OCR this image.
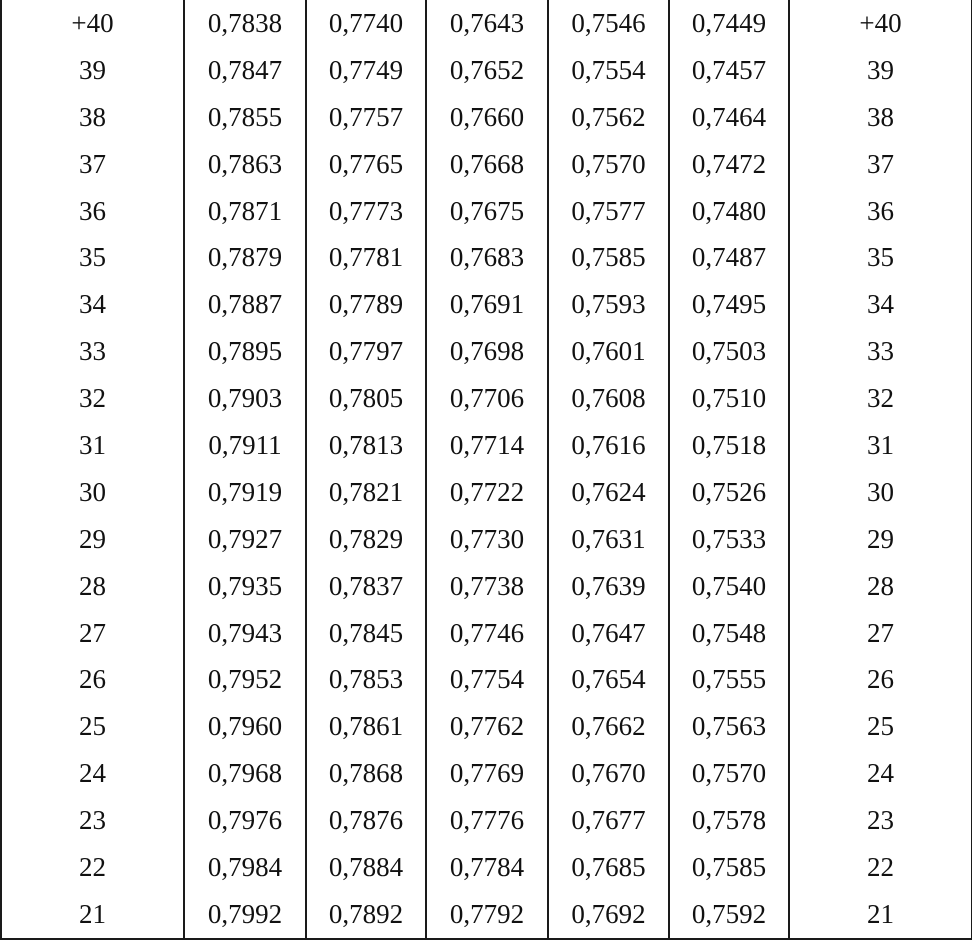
+40	0,7838	0,7740	0,7643	0,7546	0,7449	+40
39	0,7847	0,7749	0,7652	0,7554	0,7457	39
38	0,7855	0,7757	0,7660	0,7562	0,7464	38
37	0,7863	0,7765	0,7668	0,7570	0,7472	37
36	0,7871	0,7773	0,7675	0,7577	0,7480	36
35	0,7879	0,7781	0,7683	0,7585	0,7487	35
34	0,7887	0,7789	0,7691	0,7593	0,7495	34
33	0,7895	0,7797	0,7698	0,7601	0,7503	33
32	0,7903	0,7805	0,7706	0,7608	0,7510	32
31	0,7911	0,7813	0,7714	0,7616	0,7518	31
30	0,7919	0,7821	0,7722	0,7624	0,7526	30
29	0,7927	0,7829	0,7730	0,7631	0,7533	29
28	0,7935	0,7837	0,7738	0,7639	0,7540	28
27	0,7943	0,7845	0,7746	0,7647	0,7548	27
26	0,7952	0,7853	0,7754	0,7654	0,7555	26
25	0,7960	0,7861	0,7762	0,7662	0,7563	25
24	0,7968	0,7868	0,7769	0,7670	0,7570	24
23	0,7976	0,7876	0,7776	0,7677	0,7578	23
22	0,7984	0,7884	0,7784	0,7685	0,7585	22
21	0,7992	0,7892	0,7792	0,7692	0,7592	21
